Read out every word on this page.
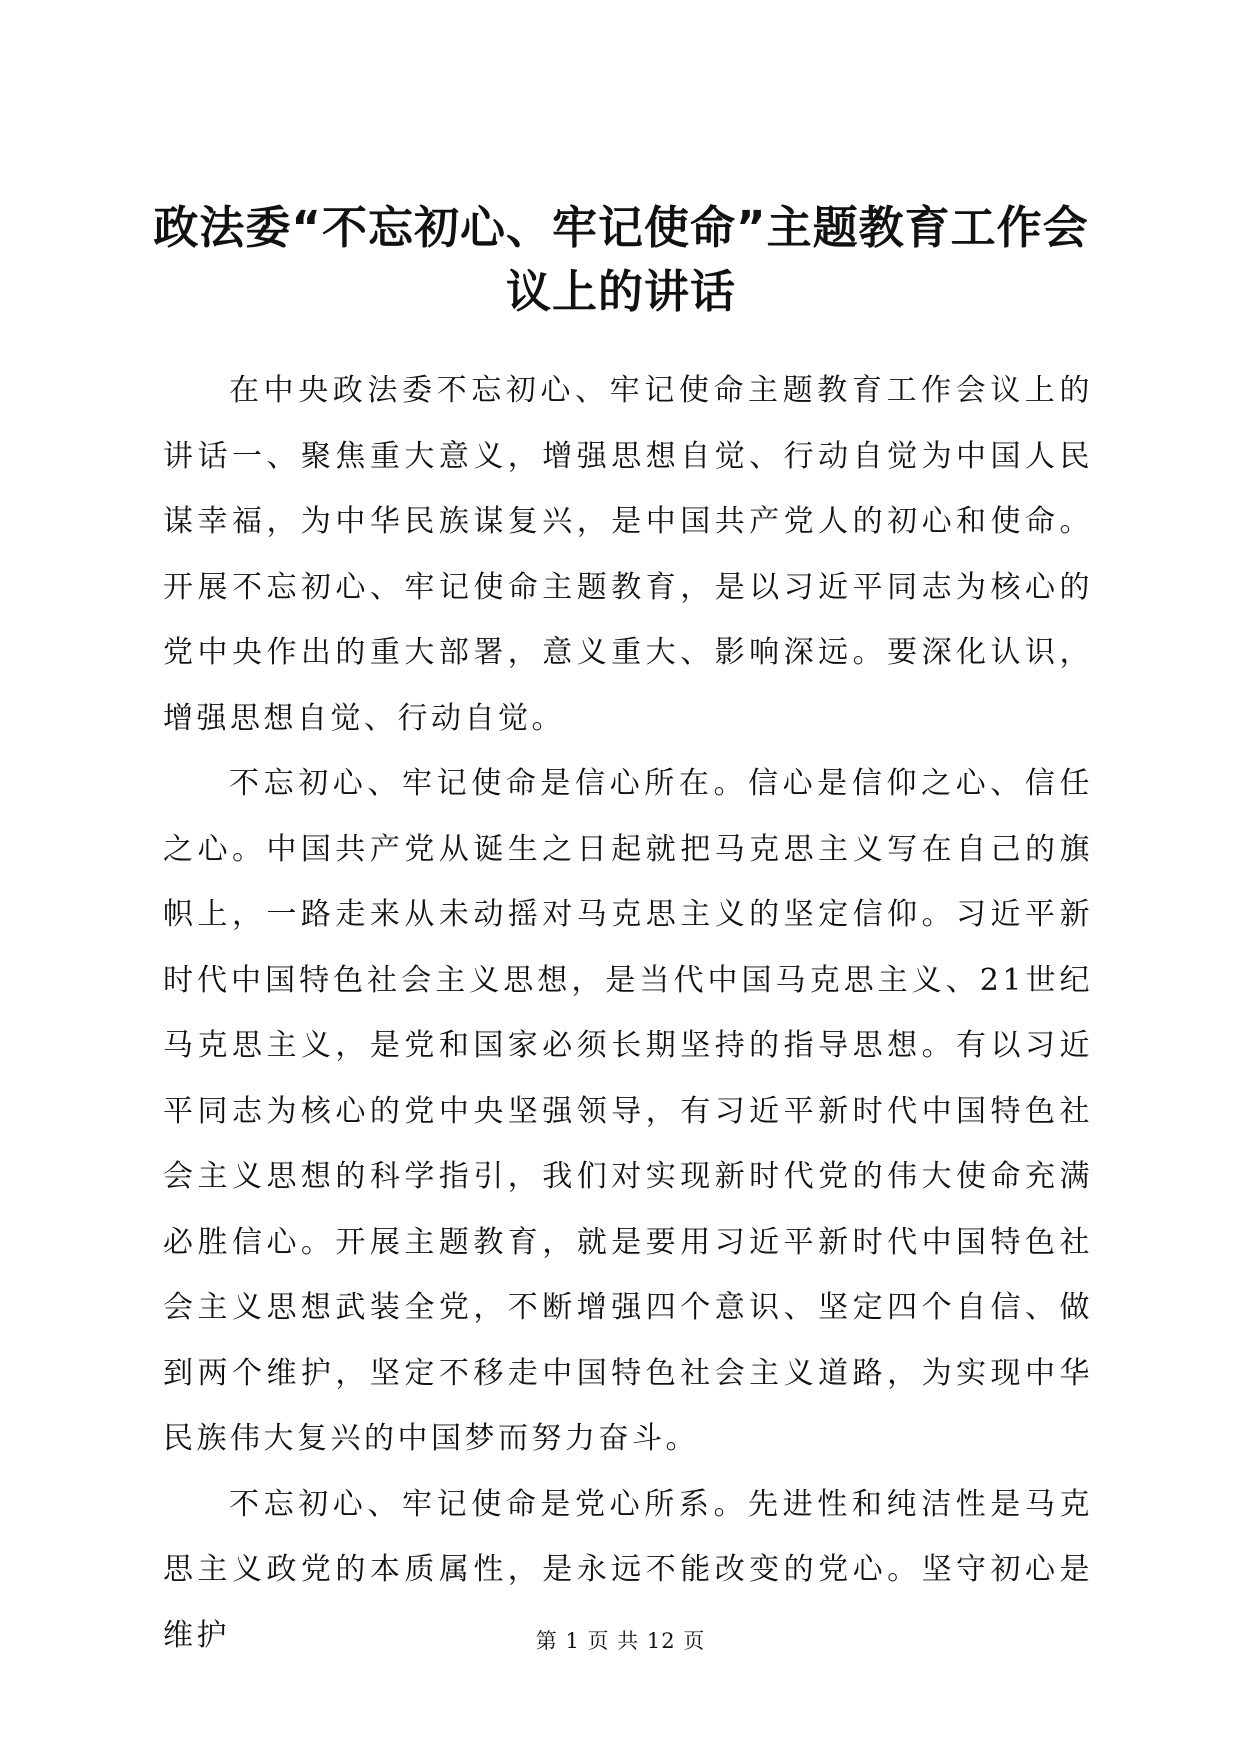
政法委“不忘初心、牢记使命”主题教育工作会议上的讲话

在中央政法委不忘初心、牢记使命主题教育工作会议上的讲话一、聚焦重大意义，增强思想自觉、行动自觉为中国人民谋幸福，为中华民族谋复兴，是中国共产党人的初心和使命。开展不忘初心、牢记使命主题教育，是以习近平同志为核心的党中央作出的重大部署，意义重大、影响深远。要深化认识，增强思想自觉、行动自觉。

不忘初心、牢记使命是信心所在。信心是信仰之心、信任之心。中国共产党从诞生之日起就把马克思主义写在自己的旗帜上，一路走来从未动摇对马克思主义的坚定信仰。习近平新时代中国特色社会主义思想，是当代中国马克思主义、21世纪马克思主义，是党和国家必须长期坚持的指导思想。有以习近平同志为核心的党中央坚强领导，有习近平新时代中国特色社会主义思想的科学指引，我们对实现新时代党的伟大使命充满必胜信心。开展主题教育，就是要用习近平新时代中国特色社会主义思想武装全党，不断增强四个意识、坚定四个自信、做到两个维护，坚定不移走中国特色社会主义道路，为实现中华民族伟大复兴的中国梦而努力奋斗。

不忘初心、牢记使命是党心所系。先进性和纯洁性是马克思主义政党的本质属性，是永远不能改变的党心。坚守初心是维护	第 1 页 共 12 页
